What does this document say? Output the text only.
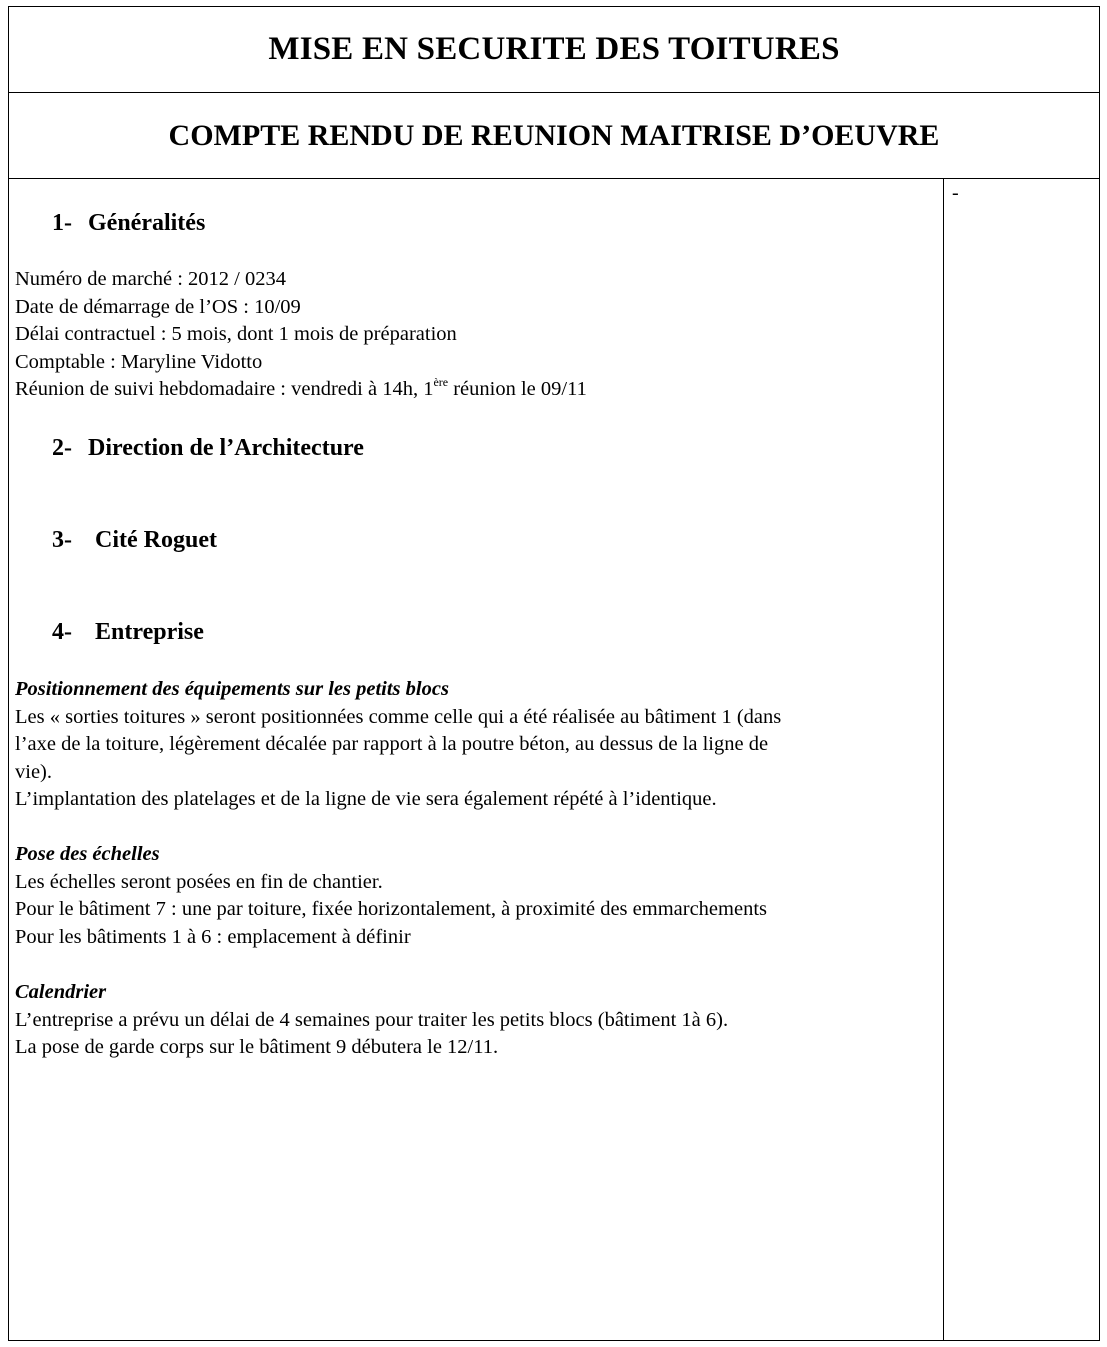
MISE EN SECURITE DES TOITURES
COMPTE RENDU DE REUNION MAITRISE D’OEUVRE
1- Généralités
Numéro de marché : 2012 / 0234
Date de démarrage de l’OS : 10/09
Délai contractuel : 5 mois, dont 1 mois de préparation
Comptable : Maryline Vidotto
Réunion de suivi hebdomadaire : vendredi à 14h, 1ère réunion le 09/11
2- Direction de l’Architecture
3- Cité Roguet
4- Entreprise
Positionnement des équipements sur les petits blocs
Les « sorties toitures » seront positionnées comme celle qui a été réalisée au bâtiment 1 (dans
l’axe de la toiture, légèrement décalée par rapport à la poutre béton, au dessus de la ligne de
vie).
L’implantation des platelages et de la ligne de vie sera également répété à l’identique.
Pose des échelles
Les échelles seront posées en fin de chantier.
Pour le bâtiment 7 : une par toiture, fixée horizontalement, à proximité des emmarchements
Pour les bâtiments 1 à 6 : emplacement à définir
Calendrier
L’entreprise a prévu un délai de 4 semaines pour traiter les petits blocs (bâtiment 1à 6).
La pose de garde corps sur le bâtiment 9 débutera le 12/11.
-
